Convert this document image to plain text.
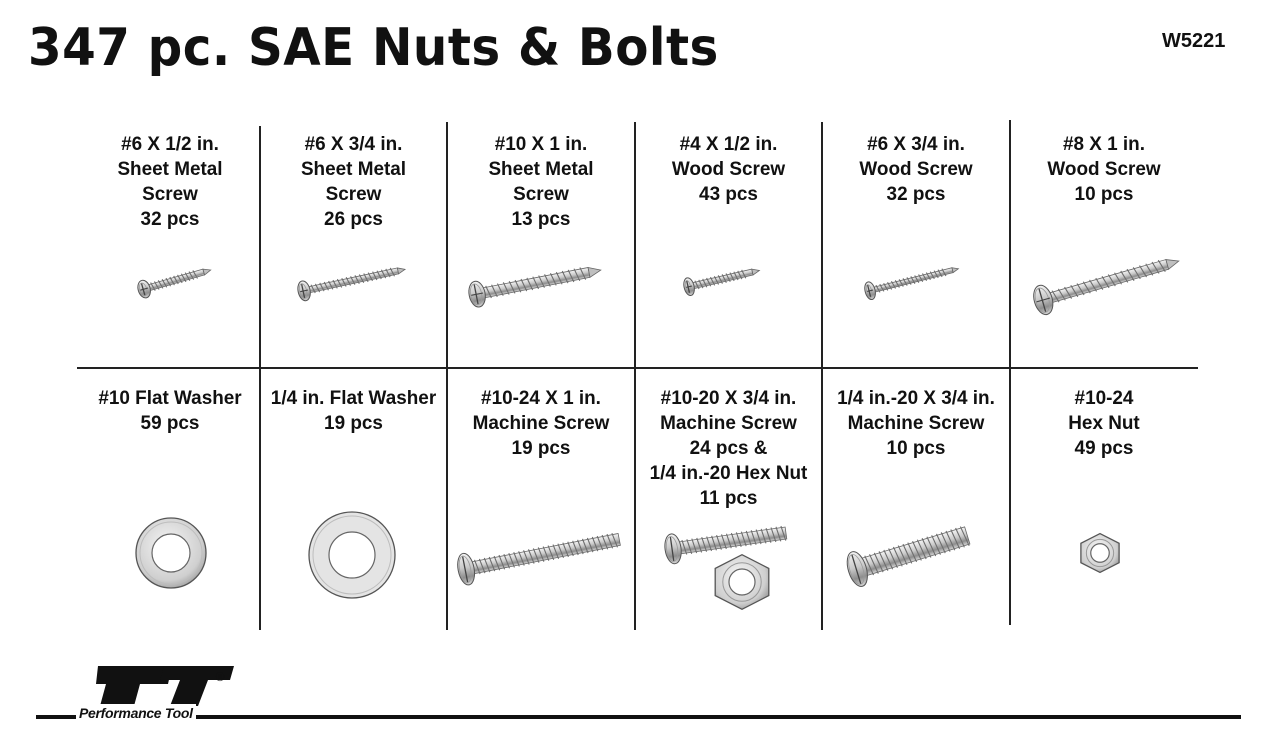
347 pc. SAE Nuts & Bolts	W5221
#6 X 1/2 in.
Sheet Metal
Screw
32 pcs
#6 X 3/4 in.
Sheet Metal
Screw
26 pcs
#10 X 1 in.
Sheet Metal
Screw
13 pcs
#4 X 1/2 in.
Wood Screw
43 pcs
#6 X 3/4 in.
Wood Screw
32 pcs
#8 X 1 in.
Wood Screw
10 pcs
#10 Flat Washer
59 pcs
1/4 in. Flat Washer
19 pcs
#10-24 X 1 in.
Machine Screw
19 pcs
#10-20 X 3/4 in.
Machine Screw
24 pcs &
1/4 in.-20 Hex Nut
11 pcs
1/4 in.-20 X 3/4 in.
Machine Screw
10 pcs
#10-24
Hex Nut
49 pcs
Performance Tool
®
